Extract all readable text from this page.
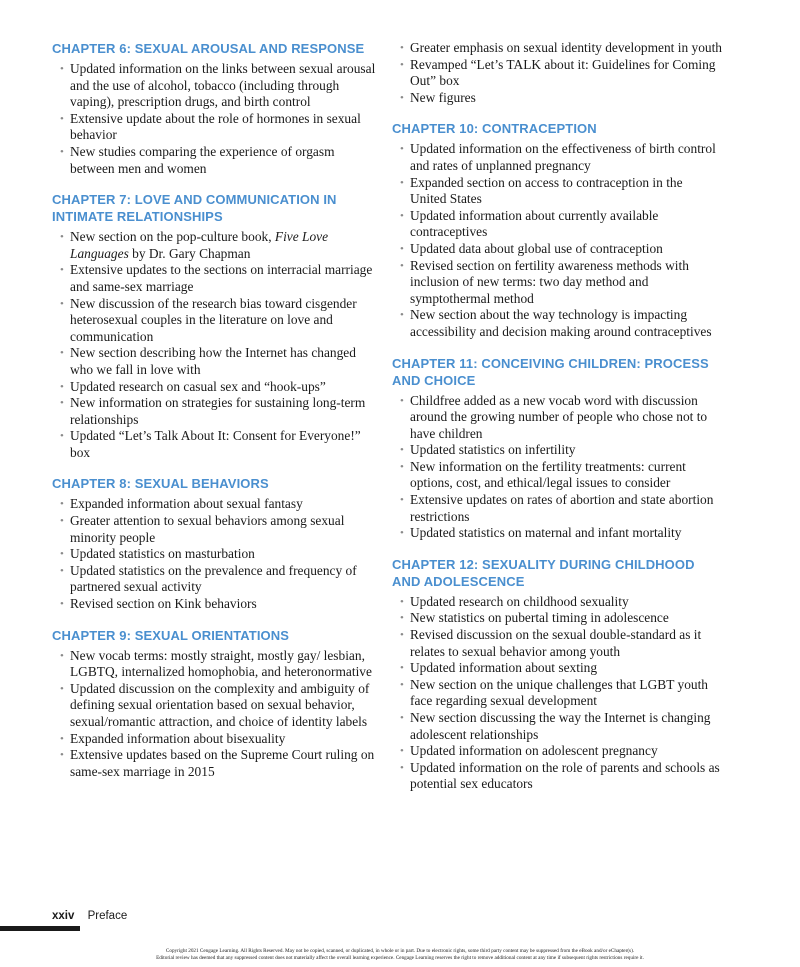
CHAPTER 6: SEXUAL AROUSAL AND RESPONSE
• Updated information on the links between sexual arousal and the use of alcohol, tobacco (including through vaping), prescription drugs, and birth control
• Extensive update about the role of hormones in sexual behavior
• New studies comparing the experience of orgasm between men and women
CHAPTER 7: LOVE AND COMMUNICATION IN INTIMATE RELATIONSHIPS
• New section on the pop-culture book, Five Love Languages by Dr. Gary Chapman
• Extensive updates to the sections on interracial marriage and same-sex marriage
• New discussion of the research bias toward cisgender heterosexual couples in the literature on love and communication
• New section describing how the Internet has changed who we fall in love with
• Updated research on casual sex and “hook-ups”
• New information on strategies for sustaining long-term relationships
• Updated “Let’s Talk About It: Consent for Everyone!” box
CHAPTER 8: SEXUAL BEHAVIORS
• Expanded information about sexual fantasy
• Greater attention to sexual behaviors among sexual minority people
• Updated statistics on masturbation
• Updated statistics on the prevalence and frequency of partnered sexual activity
• Revised section on Kink behaviors
CHAPTER 9: SEXUAL ORIENTATIONS
• New vocab terms: mostly straight, mostly gay/ lesbian, LGBTQ, internalized homophobia, and heteronormative
• Updated discussion on the complexity and ambiguity of defining sexual orientation based on sexual behavior, sexual/romantic attraction, and choice of identity labels
• Expanded information about bisexuality
• Extensive updates based on the Supreme Court ruling on same-sex marriage in 2015
• Greater emphasis on sexual identity development in youth
• Revamped “Let’s TALK about it: Guidelines for Coming Out” box
• New figures
CHAPTER 10: CONTRACEPTION
• Updated information on the effectiveness of birth control and rates of unplanned pregnancy
• Expanded section on access to contraception in the United States
• Updated information about currently available contraceptives
• Updated data about global use of contraception
• Revised section on fertility awareness methods with inclusion of new terms: two day method and symptothermal method
• New section about the way technology is impacting accessibility and decision making around contraceptives
CHAPTER 11: CONCEIVING CHILDREN: PROCESS AND CHOICE
• Childfree added as a new vocab word with discussion around the growing number of people who chose not to have children
• Updated statistics on infertility
• New information on the fertility treatments: current options, cost, and ethical/legal issues to consider
• Extensive updates on rates of abortion and state abortion restrictions
• Updated statistics on maternal and infant mortality
CHAPTER 12: SEXUALITY DURING CHILDHOOD AND ADOLESCENCE
• Updated research on childhood sexuality
• New statistics on pubertal timing in adolescence
• Revised discussion on the sexual double-standard as it relates to sexual behavior among youth
• Updated information about sexting
• New section on the unique challenges that LGBT youth face regarding sexual development
• New section discussing the way the Internet is changing adolescent relationships
• Updated information on adolescent pregnancy
• Updated information on the role of parents and schools as potential sex educators
xxiv Preface
Copyright 2021 Cengage Learning. All Rights Reserved. May not be copied, scanned, or duplicated, in whole or in part. Due to electronic rights, some third party content may be suppressed from the eBook and/or eChapter(s).
Editorial review has deemed that any suppressed content does not materially affect the overall learning experience. Cengage Learning reserves the right to remove additional content at any time if subsequent rights restrictions require it.
